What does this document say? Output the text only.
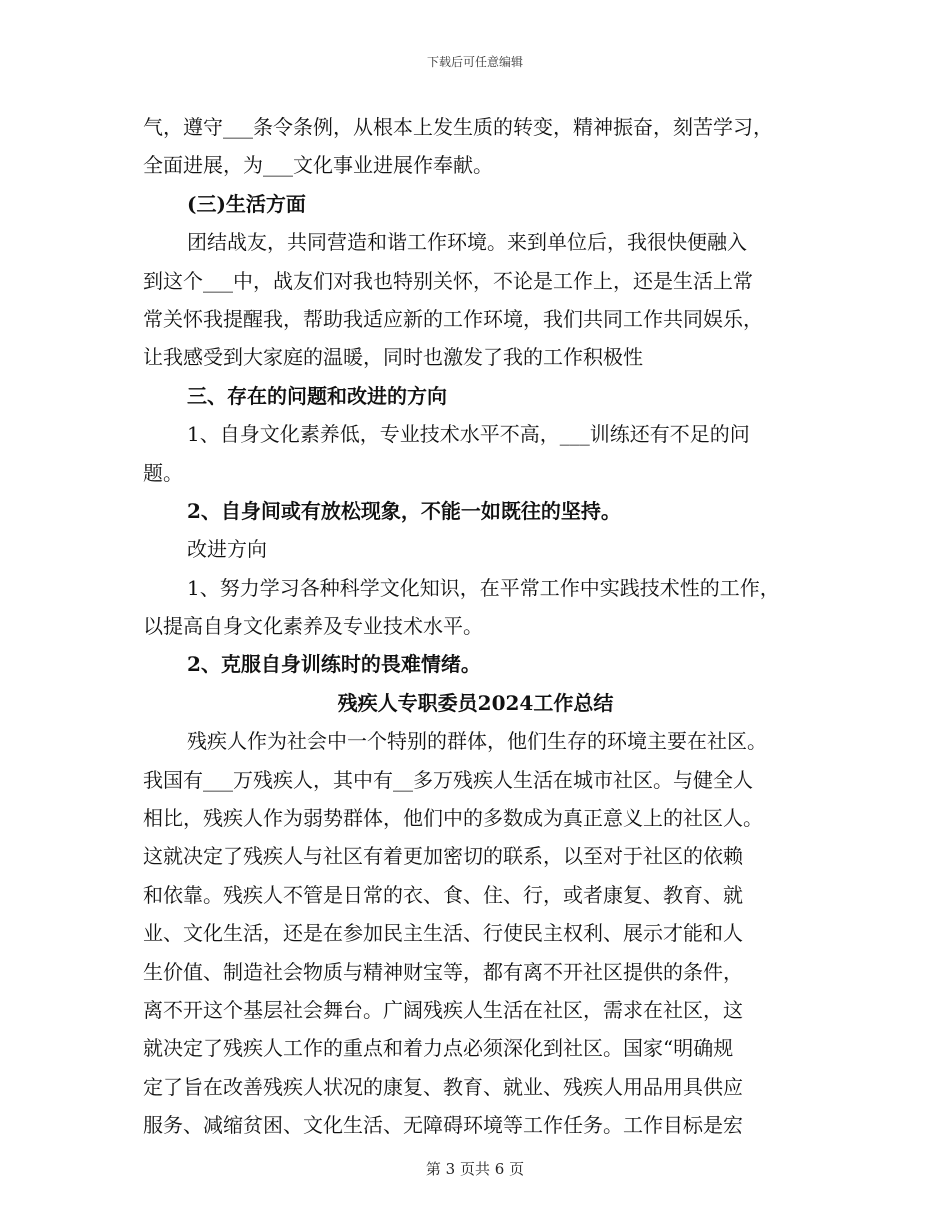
下载后可任意编辑
气，遵守___条令条例，从根本上发生质的转变，精神振奋，刻苦学习，
全面进展，为___文化事业进展作奉献。
(三)生活方面
团结战友，共同营造和谐工作环境。来到单位后，我很快便融入
到这个___中，战友们对我也特别关怀，不论是工作上，还是生活上常
常关怀我提醒我，帮助我适应新的工作环境，我们共同工作共同娱乐，
让我感受到大家庭的温暖，同时也激发了我的工作积极性
三、存在的问题和改进的方向
1、自身文化素养低，专业技术水平不高，___训练还有不足的问
题。
2、自身间或有放松现象，不能一如既往的坚持。
改进方向
1、努力学习各种科学文化知识，在平常工作中实践技术性的工作，
以提高自身文化素养及专业技术水平。
2、克服自身训练时的畏难情绪。
残疾人专职委员2024工作总结
残疾人作为社会中一个特别的群体，他们生存的环境主要在社区。
我国有___万残疾人，其中有__多万残疾人生活在城市社区。与健全人
相比，残疾人作为弱势群体，他们中的多数成为真正意义上的社区人。
这就决定了残疾人与社区有着更加密切的联系，以至对于社区的依赖
和依靠。残疾人不管是日常的衣、食、住、行，或者康复、教育、就
业、文化生活，还是在参加民主生活、行使民主权利、展示才能和人
生价值、制造社会物质与精神财宝等，都有离不开社区提供的条件，
离不开这个基层社会舞台。广阔残疾人生活在社区，需求在社区，这
就决定了残疾人工作的重点和着力点必须深化到社区。国家“明确规
定了旨在改善残疾人状况的康复、教育、就业、残疾人用品用具供应
服务、减缩贫困、文化生活、无障碍环境等工作任务。工作目标是宏
第 3 页共 6 页
